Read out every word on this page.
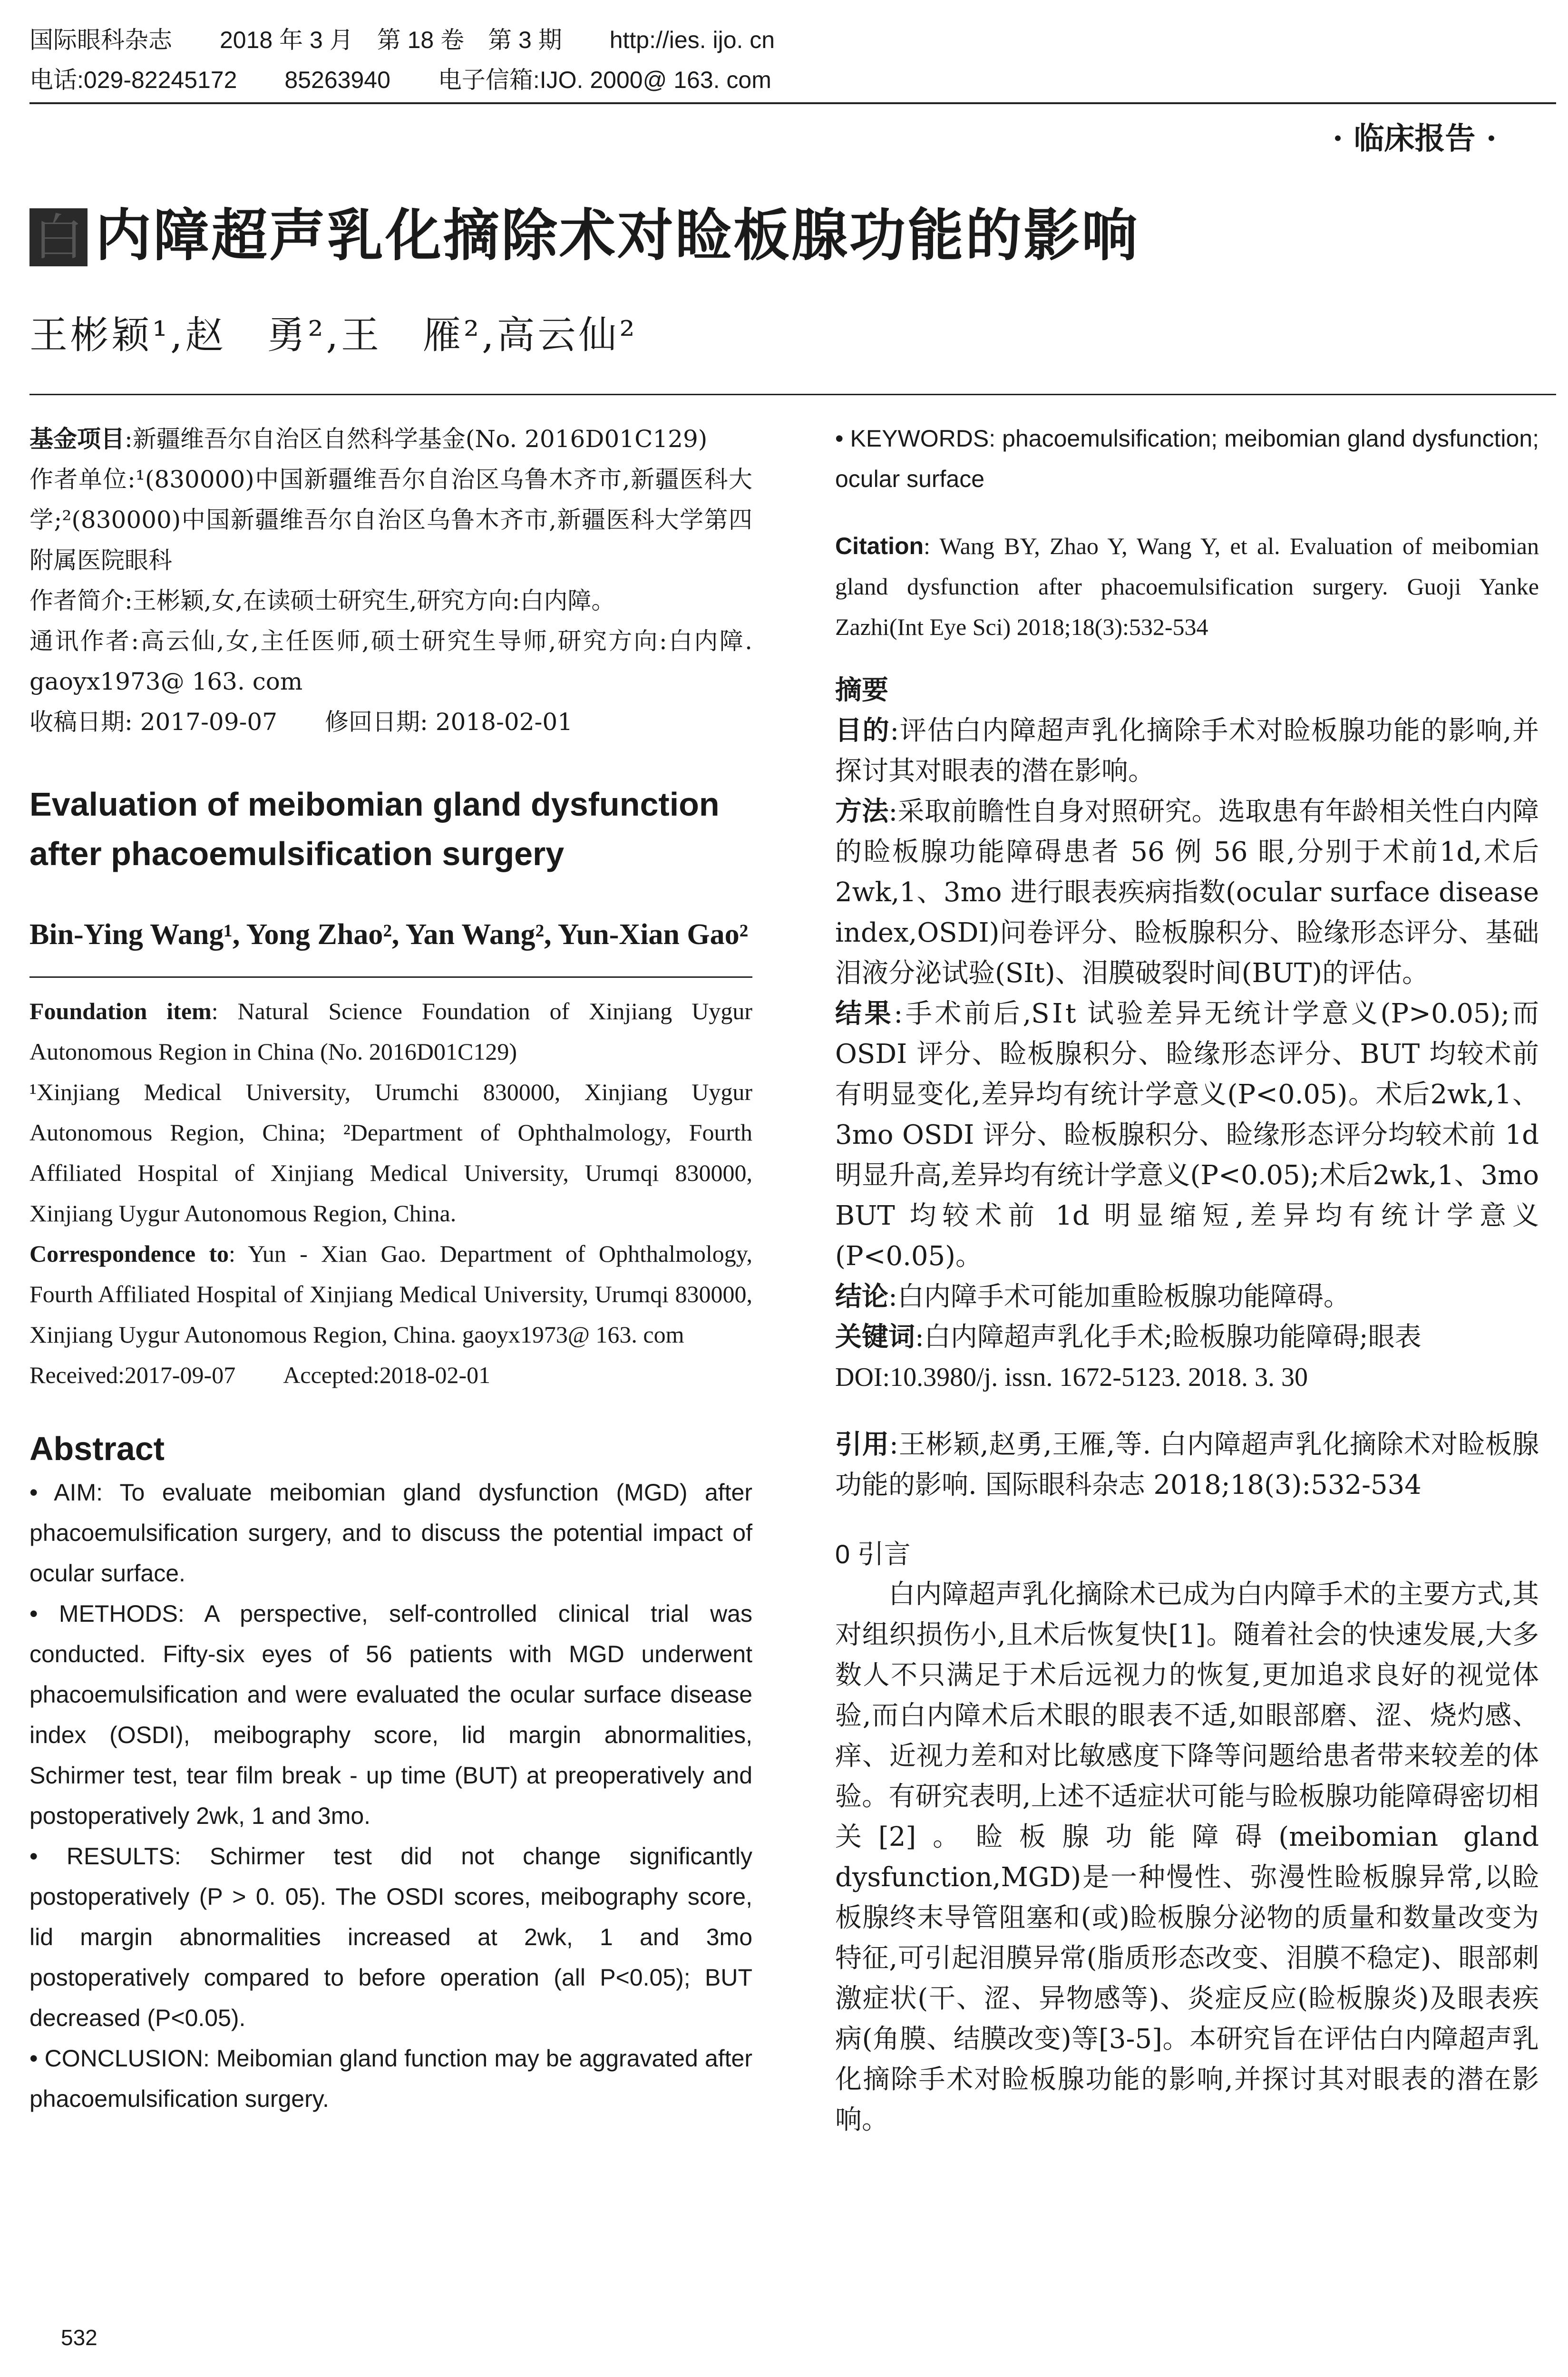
国际眼科杂志　　2018 年 3 月　第 18 卷　第 3 期　　http://ies. ijo. cn
电话:029-82245172　　85263940　　电子信箱:IJO. 2000@ 163. com
· 临床报告 ·
白 内障超声乳化摘除术对睑板腺功能的影响
王彬颖¹,赵　勇²,王　雁²,高云仙²

基金项目:新疆维吾尔自治区自然科学基金(No. 2016D01C129)

作者单位:¹(830000)中国新疆维吾尔自治区乌鲁木齐市,新疆医科大学;²(830000)中国新疆维吾尔自治区乌鲁木齐市,新疆医科大学第四附属医院眼科

作者简介:王彬颖,女,在读硕士研究生,研究方向:白内障。

通讯作者:高云仙,女,主任医师,硕士研究生导师,研究方向:白内障. gaoyx1973@ 163. com

收稿日期: 2017-09-07　　修回日期: 2018-02-01

Evaluation of meibomian gland dysfunction after phacoemulsification surgery
Bin-Ying Wang¹, Yong Zhao², Yan Wang², Yun-Xian Gao²
Foundation item: Natural Science Foundation of Xinjiang Uygur Autonomous Region in China (No. 2016D01C129)
¹Xinjiang Medical University, Urumchi 830000, Xinjiang Uygur Autonomous Region, China; ²Department of Ophthalmology, Fourth Affiliated Hospital of Xinjiang Medical University, Urumqi 830000, Xinjiang Uygur Autonomous Region, China.
Correspondence to: Yun - Xian Gao. Department of Ophthalmology, Fourth Affiliated Hospital of Xinjiang Medical University, Urumqi 830000, Xinjiang Uygur Autonomous Region, China. gaoyx1973@ 163. com
Received:2017-09-07　　Accepted:2018-02-01
Abstract
• AIM: To evaluate meibomian gland dysfunction (MGD) after phacoemulsification surgery, and to discuss the potential impact of ocular surface.
• METHODS: A perspective, self-controlled clinical trial was conducted. Fifty-six eyes of 56 patients with MGD underwent phacoemulsification and were evaluated the ocular surface disease index (OSDI), meibography score, lid margin abnormalities, Schirmer test, tear film break - up time (BUT) at preoperatively and postoperatively 2wk, 1 and 3mo.
• RESULTS: Schirmer test did not change significantly postoperatively (P > 0. 05). The OSDI scores, meibography score, lid margin abnormalities increased at 2wk, 1 and 3mo postoperatively compared to before operation (all P<0.05); BUT decreased (P<0.05).
• CONCLUSION: Meibomian gland function may be aggravated after phacoemulsification surgery.
532
• KEYWORDS: phacoemulsification; meibomian gland dysfunction; ocular surface
Citation: Wang BY, Zhao Y, Wang Y, et al. Evaluation of meibomian gland dysfunction after phacoemulsification surgery. Guoji Yanke Zazhi(Int Eye Sci) 2018;18(3):532-534
摘要

目的:评估白内障超声乳化摘除手术对睑板腺功能的影响,并探讨其对眼表的潜在影响。

方法:采取前瞻性自身对照研究。选取患有年龄相关性白内障的睑板腺功能障碍患者 56 例 56 眼,分别于术前1d,术后 2wk,1、3mo 进行眼表疾病指数(ocular surface disease index,OSDI)问卷评分、睑板腺积分、睑缘形态评分、基础泪液分泌试验(SⅠt)、泪膜破裂时间(BUT)的评估。

结果:手术前后,SⅠt 试验差异无统计学意义(P>0.05);而 OSDI 评分、睑板腺积分、睑缘形态评分、BUT 均较术前有明显变化,差异均有统计学意义(P<0.05)。术后2wk,1、3mo OSDI 评分、睑板腺积分、睑缘形态评分均较术前 1d 明显升高,差异均有统计学意义(P<0.05);术后2wk,1、3mo BUT 均较术前 1d 明显缩短,差异均有统计学意义(P<0.05)。

结论:白内障手术可能加重睑板腺功能障碍。

关键词:白内障超声乳化手术;睑板腺功能障碍;眼表

DOI:10.3980/j. issn. 1672-5123. 2018. 3. 30

引用:王彬颖,赵勇,王雁,等. 白内障超声乳化摘除术对睑板腺功能的影响. 国际眼科杂志 2018;18(3):532-534

0 引言

白内障超声乳化摘除术已成为白内障手术的主要方式,其对组织损伤小,且术后恢复快[1]。随着社会的快速发展,大多数人不只满足于术后远视力的恢复,更加追求良好的视觉体验,而白内障术后术眼的眼表不适,如眼部磨、涩、烧灼感、痒、近视力差和对比敏感度下降等问题给患者带来较差的体验。有研究表明,上述不适症状可能与睑板腺功能障碍密切相关[2]。睑板腺功能障碍(meibomian gland dysfunction,MGD)是一种慢性、弥漫性睑板腺异常,以睑板腺终末导管阻塞和(或)睑板腺分泌物的质量和数量改变为特征,可引起泪膜异常(脂质形态改变、泪膜不稳定)、眼部刺激症状(干、涩、异物感等)、炎症反应(睑板腺炎)及眼表疾病(角膜、结膜改变)等[3-5]。本研究旨在评估白内障超声乳化摘除手术对睑板腺功能的影响,并探讨其对眼表的潜在影响。
